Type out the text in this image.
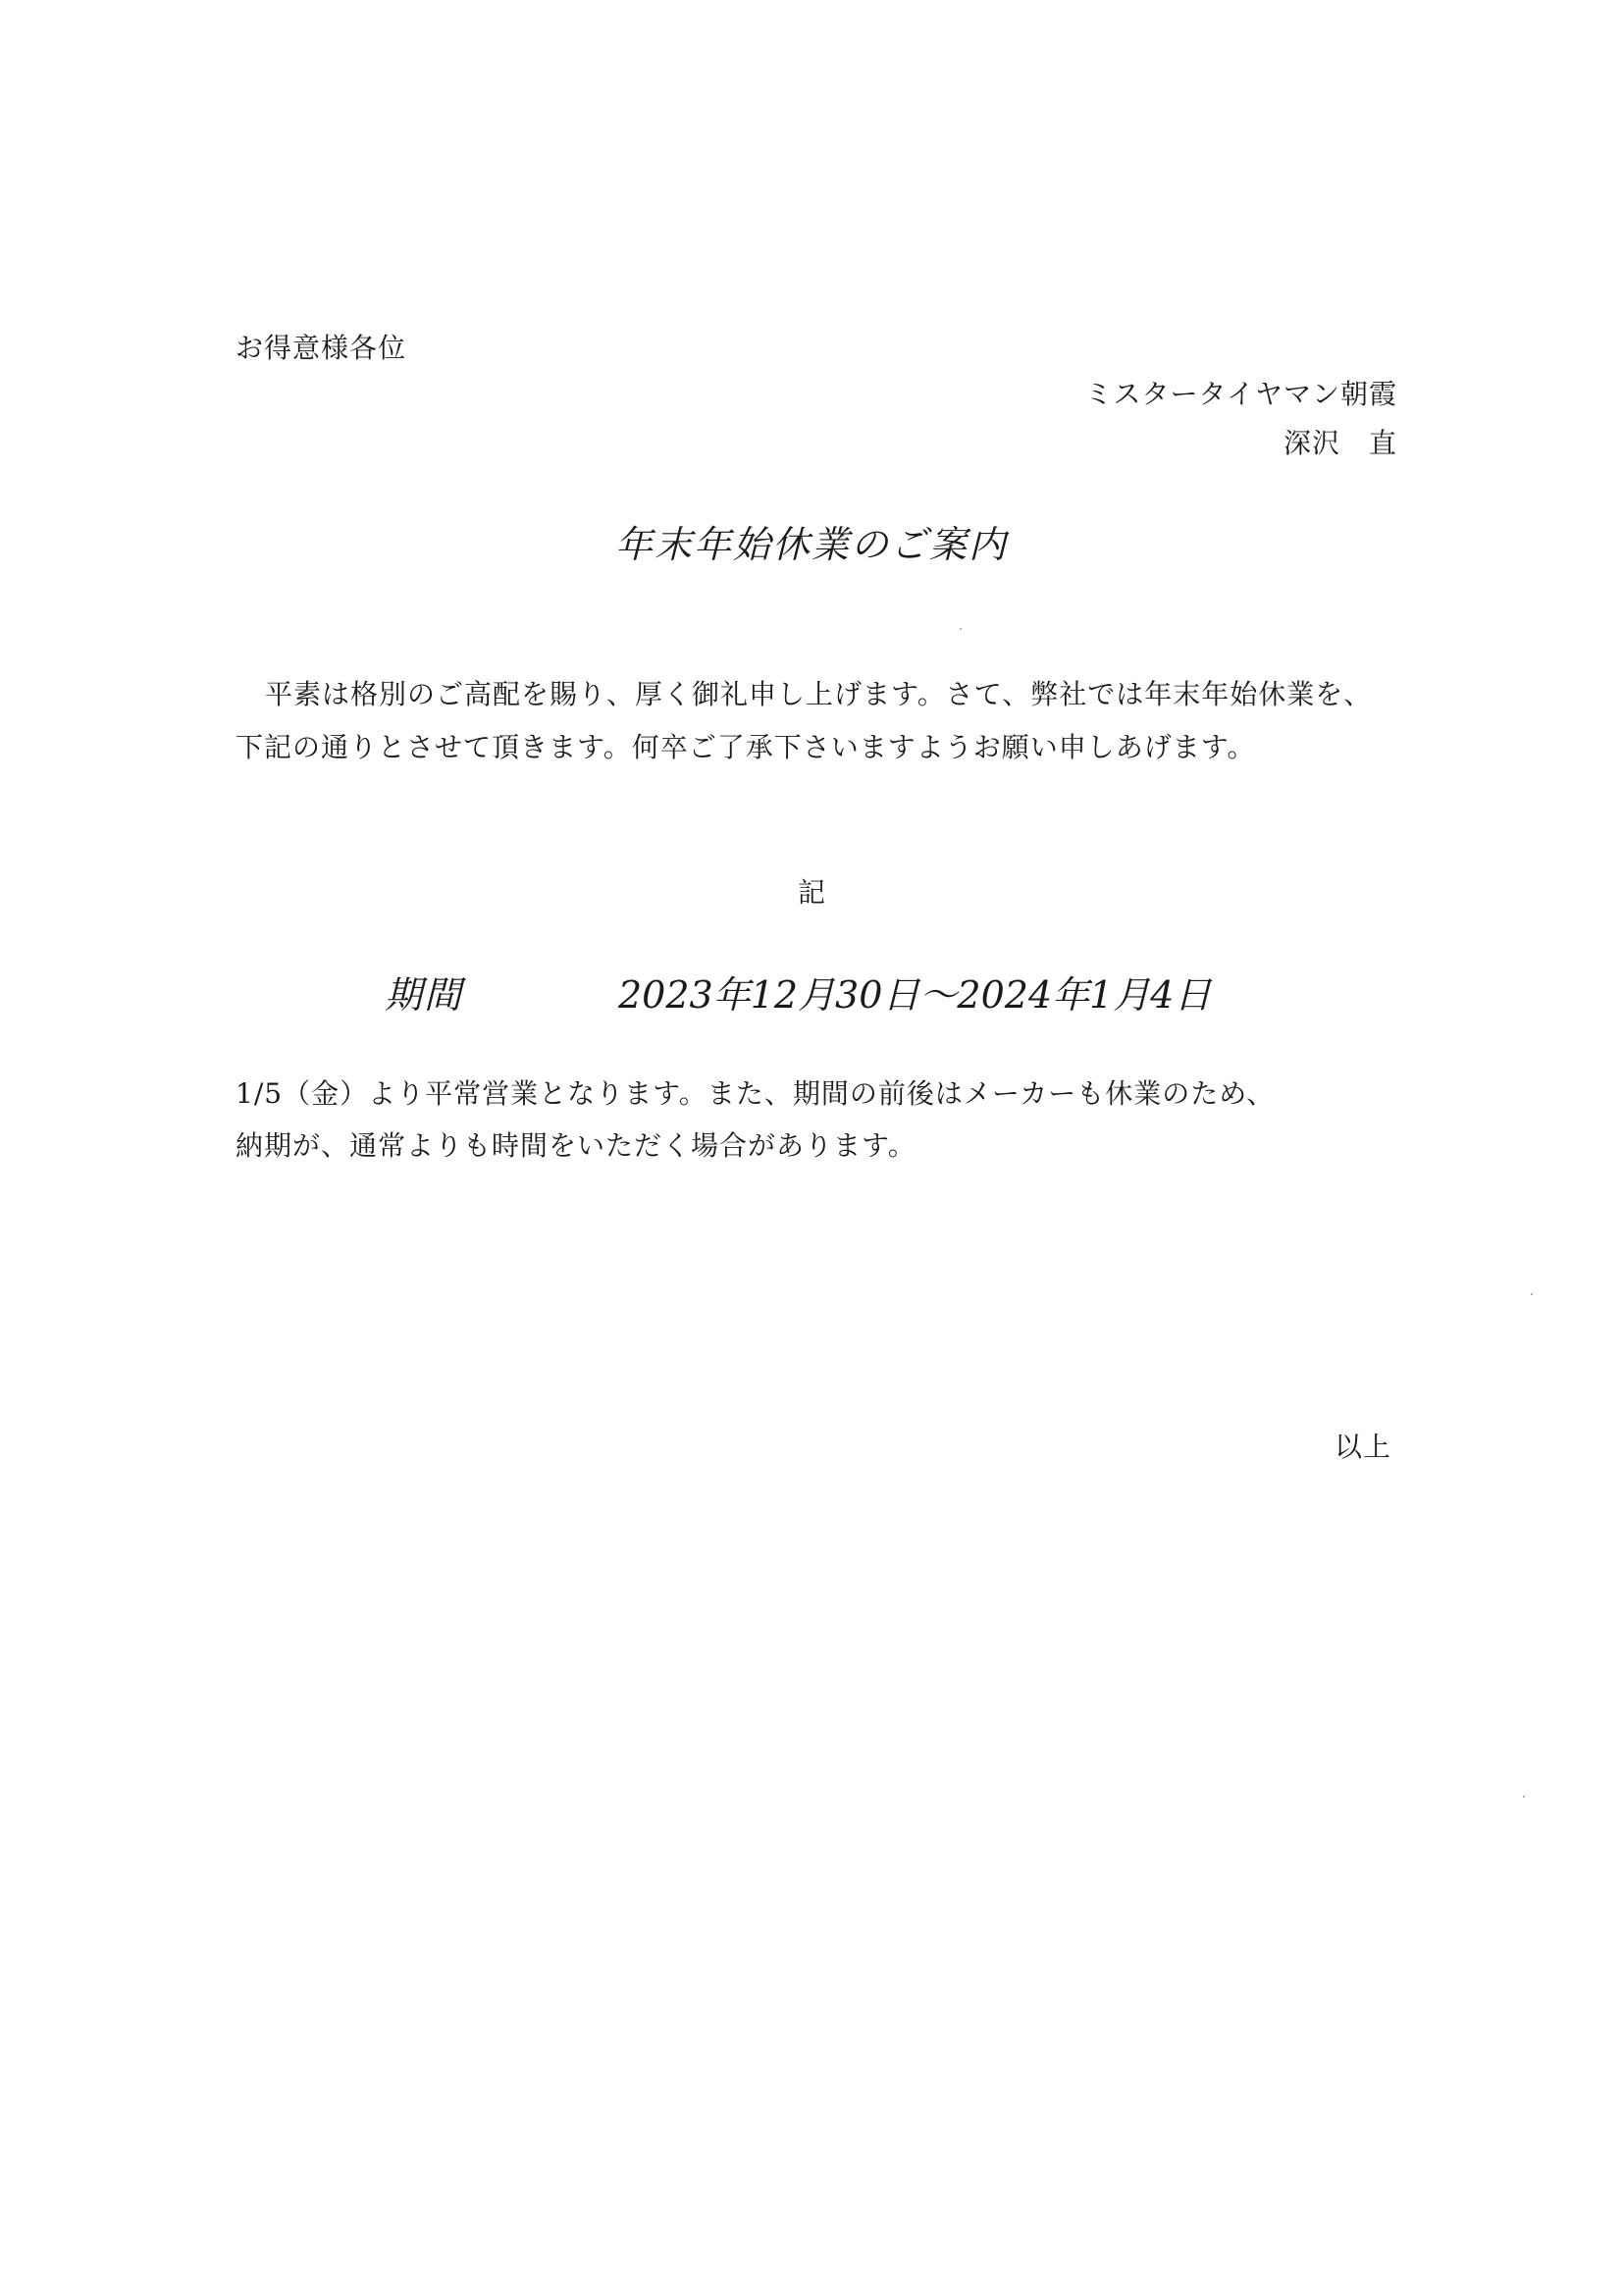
お得意様各位
ミスタータイヤマン朝霞
深沢　直
年末年始休業のご案内
平素は格別のご高配を賜り、厚く御礼申し上げます。さて、弊社では年末年始休業を、
下記の通りとさせて頂きます。何卒ご了承下さいますようお願い申しあげます。
記
期間	2023年12月30日～2024年1月4日
1/5（金）より平常営業となります。また、期間の前後はメーカーも休業のため、
納期が、通常よりも時間をいただく場合があります。
以上
